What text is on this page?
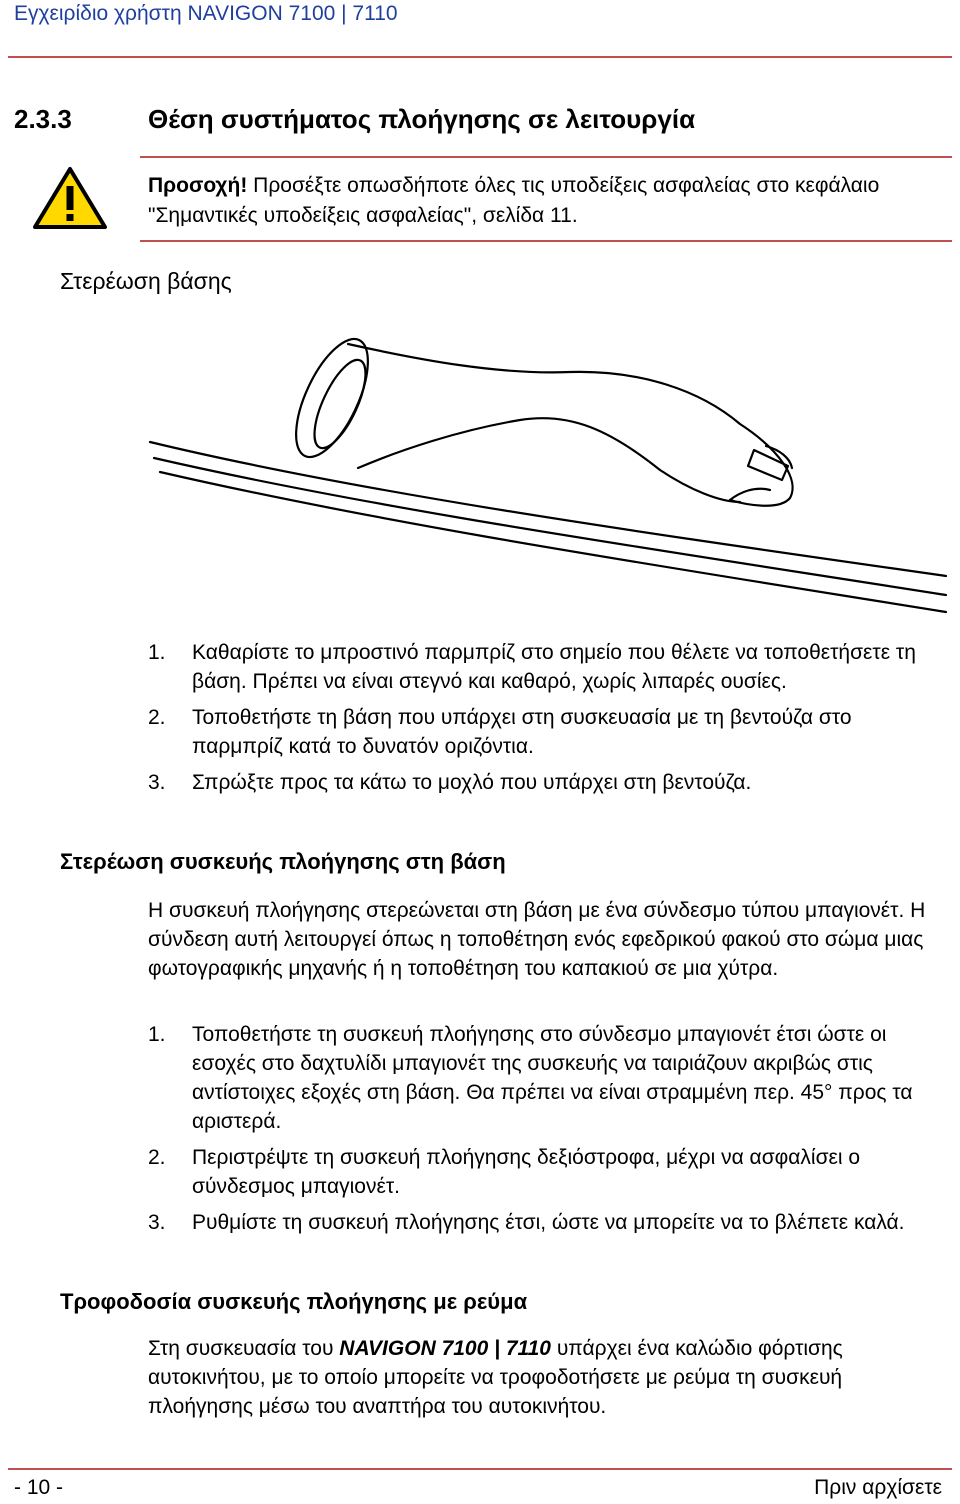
Εγχειρίδιο χρήστη NAVIGON 7100 | 7110
2.3.3	Θέση συστήματος πλοήγησης σε λειτουργία
Προσοχή! Προσέξτε οπωσδήποτε όλες τις υποδείξεις ασφαλείας στο κεφάλαιο "Σημαντικές υποδείξεις ασφαλείας", σελίδα 11.
Στερέωση βάσης
1. Καθαρίστε το μπροστινό παρμπρίζ στο σημείο που θέλετε να τοποθετήσετε τη βάση. Πρέπει να είναι στεγνό και καθαρό, χωρίς λιπαρές ουσίες.
2. Τοποθετήστε τη βάση που υπάρχει στη συσκευασία με τη βεντούζα στο παρμπρίζ κατά το δυνατόν οριζόντια.
3. Σπρώξτε προς τα κάτω το μοχλό που υπάρχει στη βεντούζα.
Στερέωση συσκευής πλοήγησης στη βάση
Η συσκευή πλοήγησης στερεώνεται στη βάση με ένα σύνδεσμο τύπου μπαγιονέτ. Η σύνδεση αυτή λειτουργεί όπως η τοποθέτηση ενός εφεδρικού φακού στο σώμα μιας φωτογραφικής μηχανής ή η τοποθέτηση του καπακιού σε μια χύτρα.
1. Τοποθετήστε τη συσκευή πλοήγησης στο σύνδεσμο μπαγιονέτ έτσι ώστε οι εσοχές στο δαχτυλίδι μπαγιονέτ της συσκευής να ταιριάζουν ακριβώς στις αντίστοιχες εξοχές στη βάση. Θα πρέπει να είναι στραμμένη περ. 45° προς τα αριστερά.
2. Περιστρέψτε τη συσκευή πλοήγησης δεξιόστροφα, μέχρι να ασφαλίσει ο σύνδεσμος μπαγιονέτ.
3. Ρυθμίστε τη συσκευή πλοήγησης έτσι, ώστε να μπορείτε να το βλέπετε καλά.
Τροφοδοσία συσκευής πλοήγησης με ρεύμα
Στη συσκευασία του NAVIGON 7100 | 7110 υπάρχει ένα καλώδιο φόρτισης αυτοκινήτου, με το οποίο μπορείτε να τροφοδοτήσετε με ρεύμα τη συσκευή πλοήγησης μέσω του αναπτήρα του αυτοκινήτου.
- 10 -	Πριν αρχίσετε
